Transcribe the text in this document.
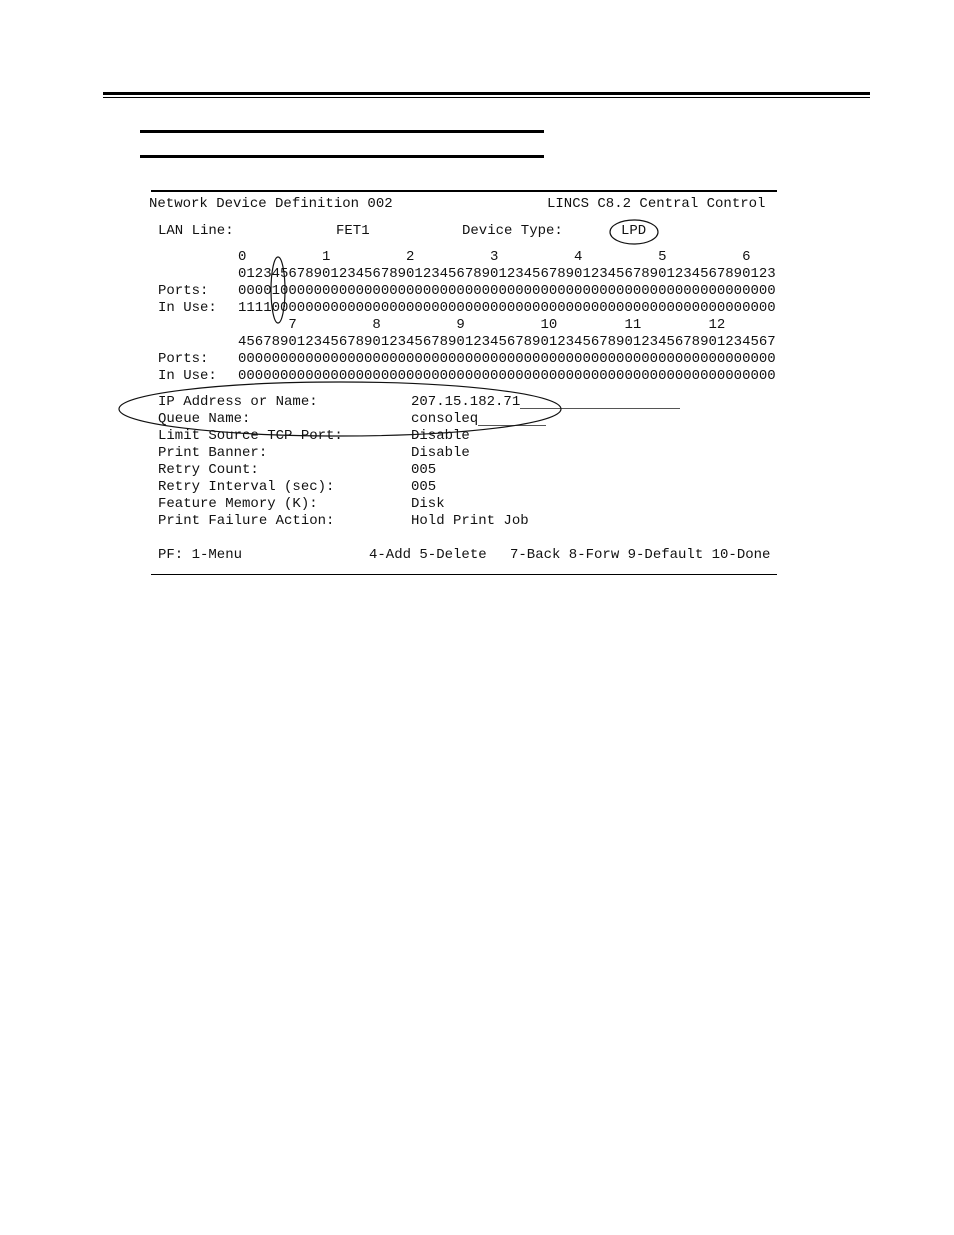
Network Device Definition 002	LINCS C8.2 Central Control
LAN Line:	FET1	Device Type:	LPD
0         1         2         3         4         5         6
0123456789012345678901234567890123456789012345678901234567890123
Ports: 0000100000000000000000000000000000000000000000000000000000000000
In Use: 1111000000000000000000000000000000000000000000000000000000000000
7         8         9         10        11        12
4567890123456789012345678901234567890123456789012345678901234567
Ports: 0000000000000000000000000000000000000000000000000000000000000000
In Use: 0000000000000000000000000000000000000000000000000000000000000000
IP Address or Name:	207.15.182.71
Queue Name:	consoleq
Limit Source TCP Port:	Disable
Print Banner:	Disable
Retry Count:	005
Retry Interval (sec):	005
Feature Memory (K):	Disk
Print Failure Action:	Hold Print Job
PF: 1-Menu	4-Add 5-Delete 7-Back 8-Forw 9-Default 10-Done
